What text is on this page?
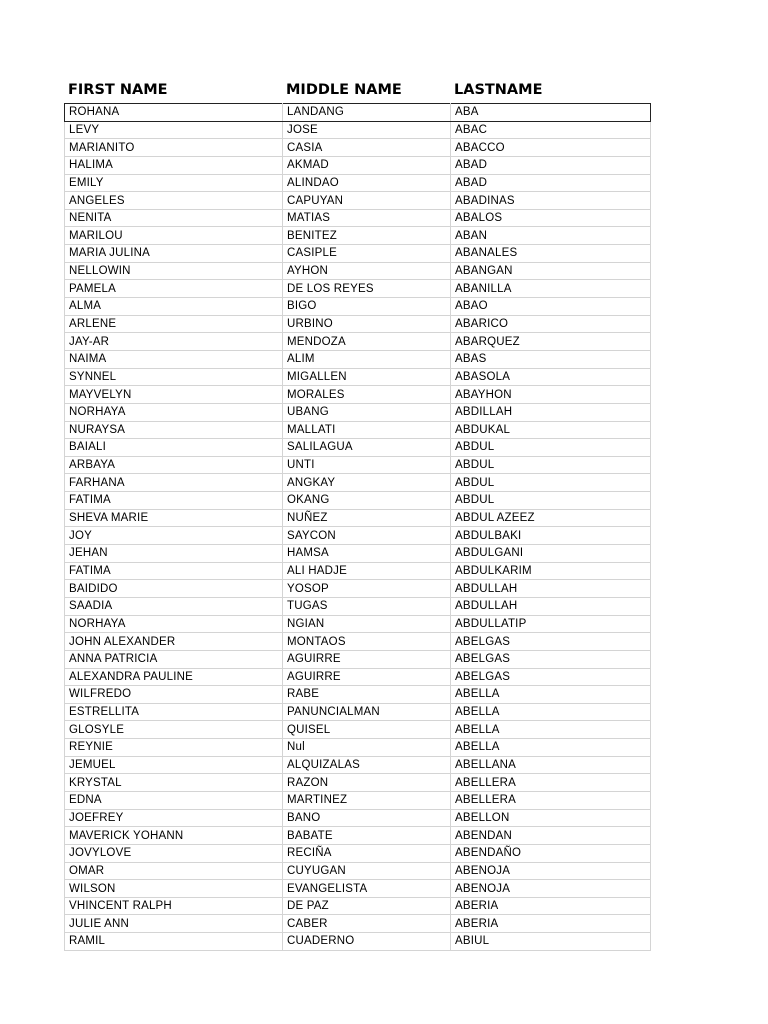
FIRST NAME	MIDDLE NAME	LASTNAME
ROHANA	LANDANG	ABA
LEVY	JOSE	ABAC
MARIANITO	CASIA	ABACCO
HALIMA	AKMAD	ABAD
EMILY	ALINDAO	ABAD
ANGELES	CAPUYAN	ABADINAS
NENITA	MATIAS	ABALOS
MARILOU	BENITEZ	ABAN
MARIA JULINA	CASIPLE	ABANALES
NELLOWIN	AYHON	ABANGAN
PAMELA	DE LOS REYES	ABANILLA
ALMA	BIGO	ABAO
ARLENE	URBINO	ABARICO
JAY-AR	MENDOZA	ABARQUEZ
NAIMA	ALIM	ABAS
SYNNEL	MIGALLEN	ABASOLA
MAYVELYN	MORALES	ABAYHON
NORHAYA	UBANG	ABDILLAH
NURAYSA	MALLATI	ABDUKAL
BAIALI	SALILAGUA	ABDUL
ARBAYA	UNTI	ABDUL
FARHANA	ANGKAY	ABDUL
FATIMA	OKANG	ABDUL
SHEVA MARIE	NUÑEZ	ABDUL AZEEZ
JOY	SAYCON	ABDULBAKI
JEHAN	HAMSA	ABDULGANI
FATIMA	ALI HADJE	ABDULKARIM
BAIDIDO	YOSOP	ABDULLAH
SAADIA	TUGAS	ABDULLAH
NORHAYA	NGIAN	ABDULLATIP
JOHN ALEXANDER	MONTAOS	ABELGAS
ANNA PATRICIA	AGUIRRE	ABELGAS
ALEXANDRA PAULINE	AGUIRRE	ABELGAS
WILFREDO	RABE	ABELLA
ESTRELLITA	PANUNCIALMAN	ABELLA
GLOSYLE	QUISEL	ABELLA
REYNIE	Nul	ABELLA
JEMUEL	ALQUIZALAS	ABELLANA
KRYSTAL	RAZON	ABELLERA
EDNA	MARTINEZ	ABELLERA
JOEFREY	BANO	ABELLON
MAVERICK YOHANN	BABATE	ABENDAN
JOVYLOVE	RECIÑA	ABENDAÑO
OMAR	CUYUGAN	ABENOJA
WILSON	EVANGELISTA	ABENOJA
VHINCENT RALPH	DE PAZ	ABERIA
JULIE ANN	CABER	ABERIA
RAMIL	CUADERNO	ABIUL
